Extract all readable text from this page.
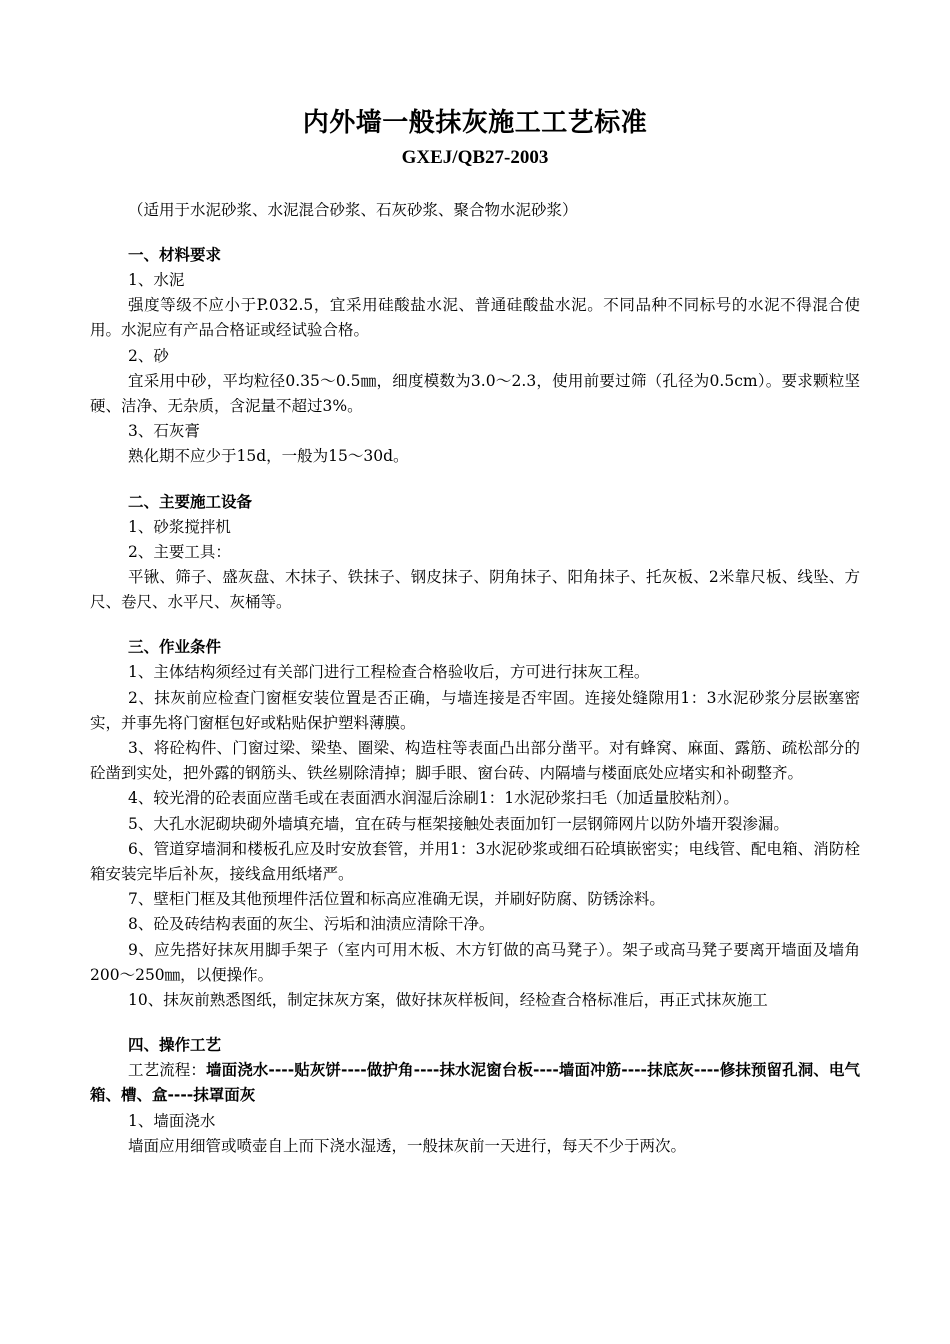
内外墙一般抹灰施工工艺标准
GXEJ/QB27-2003

（适用于水泥砂浆、水泥混合砂浆、石灰砂浆、聚合物水泥砂浆）

一、材料要求

1、水泥

强度等级不应小于P.032.5，宜采用硅酸盐水泥、普通硅酸盐水泥。不同品种不同标号的水泥不得混合使用。水泥应有产品合格证或经试验合格。

2、砂

宜采用中砂，平均粒径0.35～0.5㎜，细度模数为3.0～2.3，使用前要过筛（孔径为0.5cm）。要求颗粒坚硬、洁净、无杂质，含泥量不超过3%。

3、石灰膏

熟化期不应少于15d，一般为15～30d。

二、主要施工设备

1、砂浆搅拌机

2、主要工具：

平锹、筛子、盛灰盘、木抹子、铁抹子、钢皮抹子、阴角抹子、阳角抹子、托灰板、2米靠尺板、线坠、方尺、卷尺、水平尺、灰桶等。

三、作业条件

1、主体结构须经过有关部门进行工程检查合格验收后，方可进行抹灰工程。

2、抹灰前应检查门窗框安装位置是否正确，与墙连接是否牢固。连接处缝隙用1：3水泥砂浆分层嵌塞密实，并事先将门窗框包好或粘贴保护塑料薄膜。

3、将砼构件、门窗过梁、梁垫、圈梁、构造柱等表面凸出部分凿平。对有蜂窝、麻面、露筋、疏松部分的砼凿到实处，把外露的钢筋头、铁丝剔除清掉；脚手眼、窗台砖、内隔墙与楼面底处应堵实和补砌整齐。

4、较光滑的砼表面应凿毛或在表面洒水润湿后涂刷1：1水泥砂浆扫毛（加适量胶粘剂）。

5、大孔水泥砌块砌外墙填充墙，宜在砖与框架接触处表面加钉一层钢筛网片以防外墙开裂渗漏。

6、管道穿墙洞和楼板孔应及时安放套管，并用1：3水泥砂浆或细石砼填嵌密实；电线管、配电箱、消防栓箱安装完毕后补灰，接线盒用纸堵严。

7、壁柜门框及其他预埋件活位置和标高应准确无误，并刷好防腐、防锈涂料。

8、砼及砖结构表面的灰尘、污垢和油渍应清除干净。

9、应先搭好抹灰用脚手架子（室内可用木板、木方钉做的高马凳子）。架子或高马凳子要离开墙面及墙角200～250㎜，以便操作。

10、抹灰前熟悉图纸，制定抹灰方案，做好抹灰样板间，经检查合格标准后，再正式抹灰施工

四、操作工艺

工艺流程：墙面浇水----贴灰饼----做护角----抹水泥窗台板----墙面冲筋----抹底灰----修抹预留孔洞、电气箱、槽、盒----抹罩面灰

1、墙面浇水

墙面应用细管或喷壶自上而下浇水湿透，一般抹灰前一天进行，每天不少于两次。
